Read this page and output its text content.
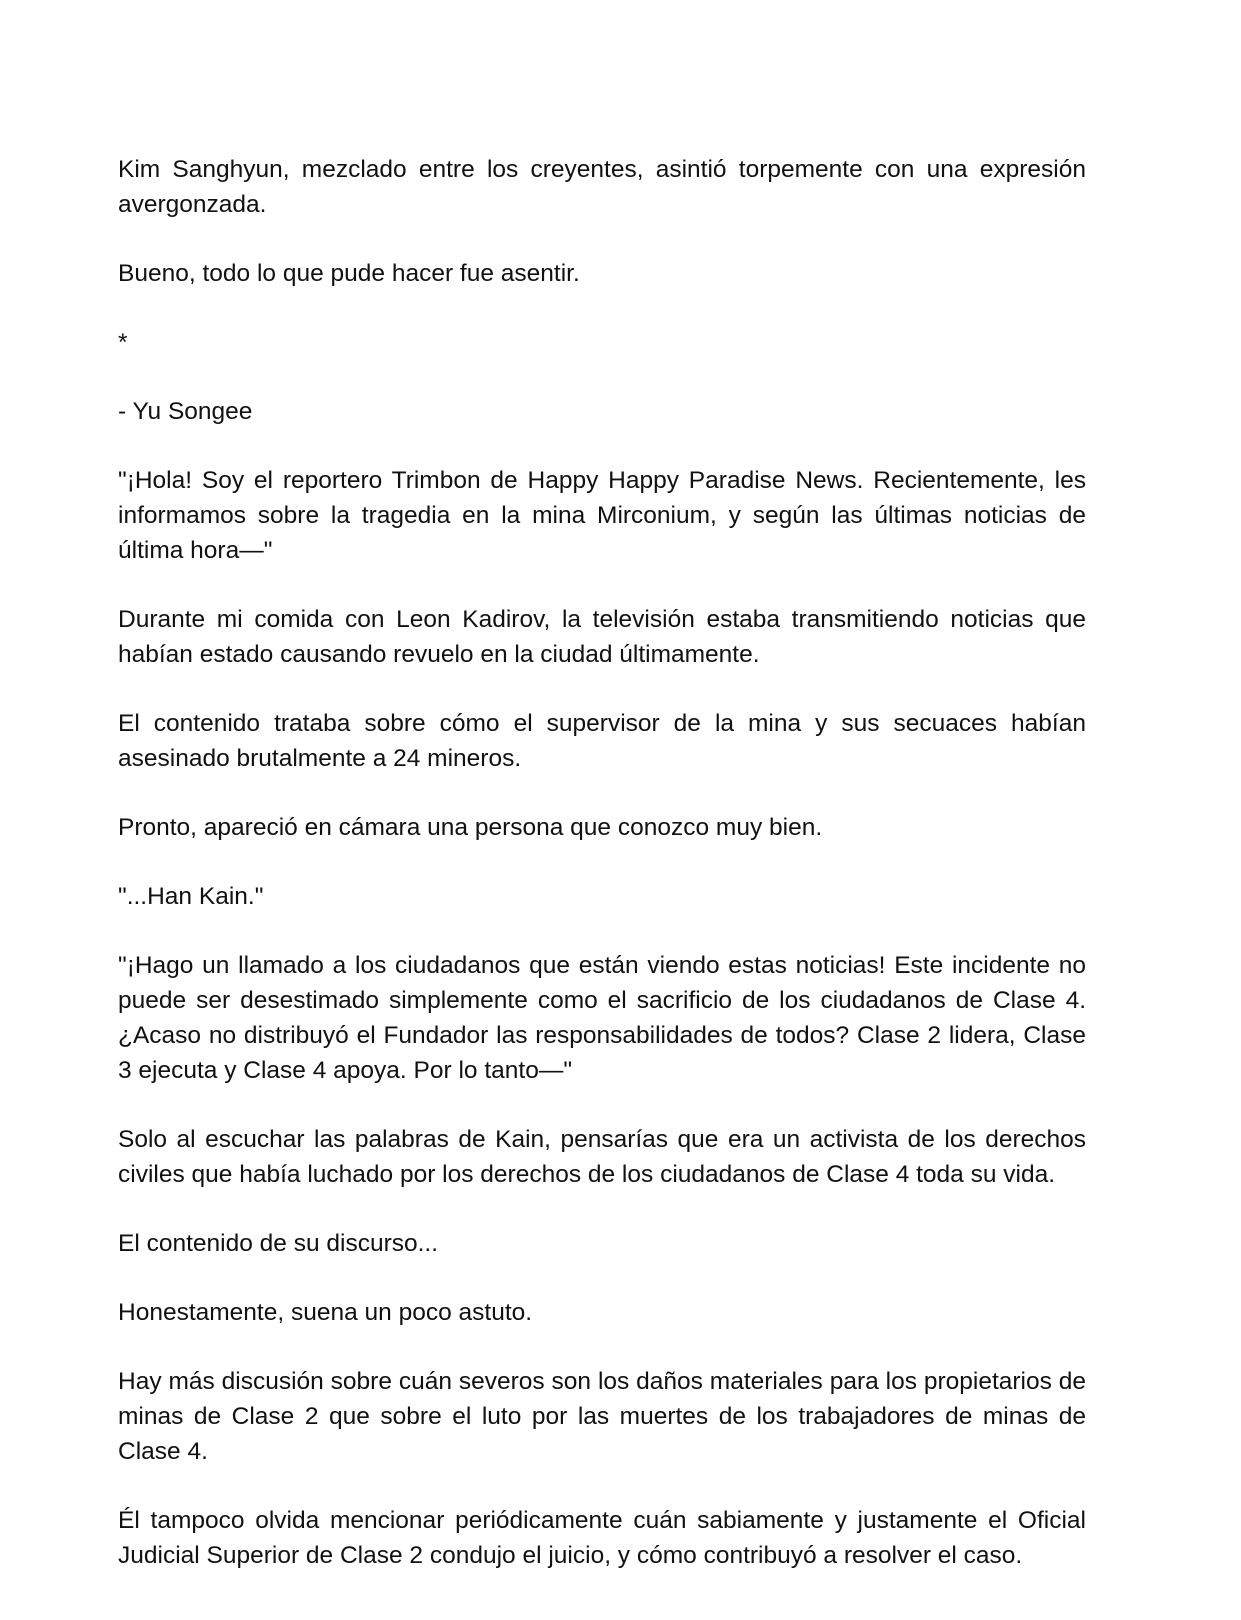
Kim Sanghyun, mezclado entre los creyentes, asintió torpemente con una expresión avergonzada.

Bueno, todo lo que pude hacer fue asentir.

*

- Yu Songee

"¡Hola! Soy el reportero Trimbon de Happy Happy Paradise News. Recientemente, les informamos sobre la tragedia en la mina Mirconium, y según las últimas noticias de última hora—"

Durante mi comida con Leon Kadirov, la televisión estaba transmitiendo noticias que habían estado causando revuelo en la ciudad últimamente.

El contenido trataba sobre cómo el supervisor de la mina y sus secuaces habían asesinado brutalmente a 24 mineros.

Pronto, apareció en cámara una persona que conozco muy bien.

"...Han Kain."

"¡Hago un llamado a los ciudadanos que están viendo estas noticias! Este incidente no puede ser desestimado simplemente como el sacrificio de los ciudadanos de Clase 4. ¿Acaso no distribuyó el Fundador las responsabilidades de todos? Clase 2 lidera, Clase 3 ejecuta y Clase 4 apoya. Por lo tanto—"

Solo al escuchar las palabras de Kain, pensarías que era un activista de los derechos civiles que había luchado por los derechos de los ciudadanos de Clase 4 toda su vida.

El contenido de su discurso...

Honestamente, suena un poco astuto.

Hay más discusión sobre cuán severos son los daños materiales para los propietarios de minas de Clase 2 que sobre el luto por las muertes de los trabajadores de minas de Clase 4.

Él tampoco olvida mencionar periódicamente cuán sabiamente y justamente el Oficial Judicial Superior de Clase 2 condujo el juicio, y cómo contribuyó a resolver el caso.
